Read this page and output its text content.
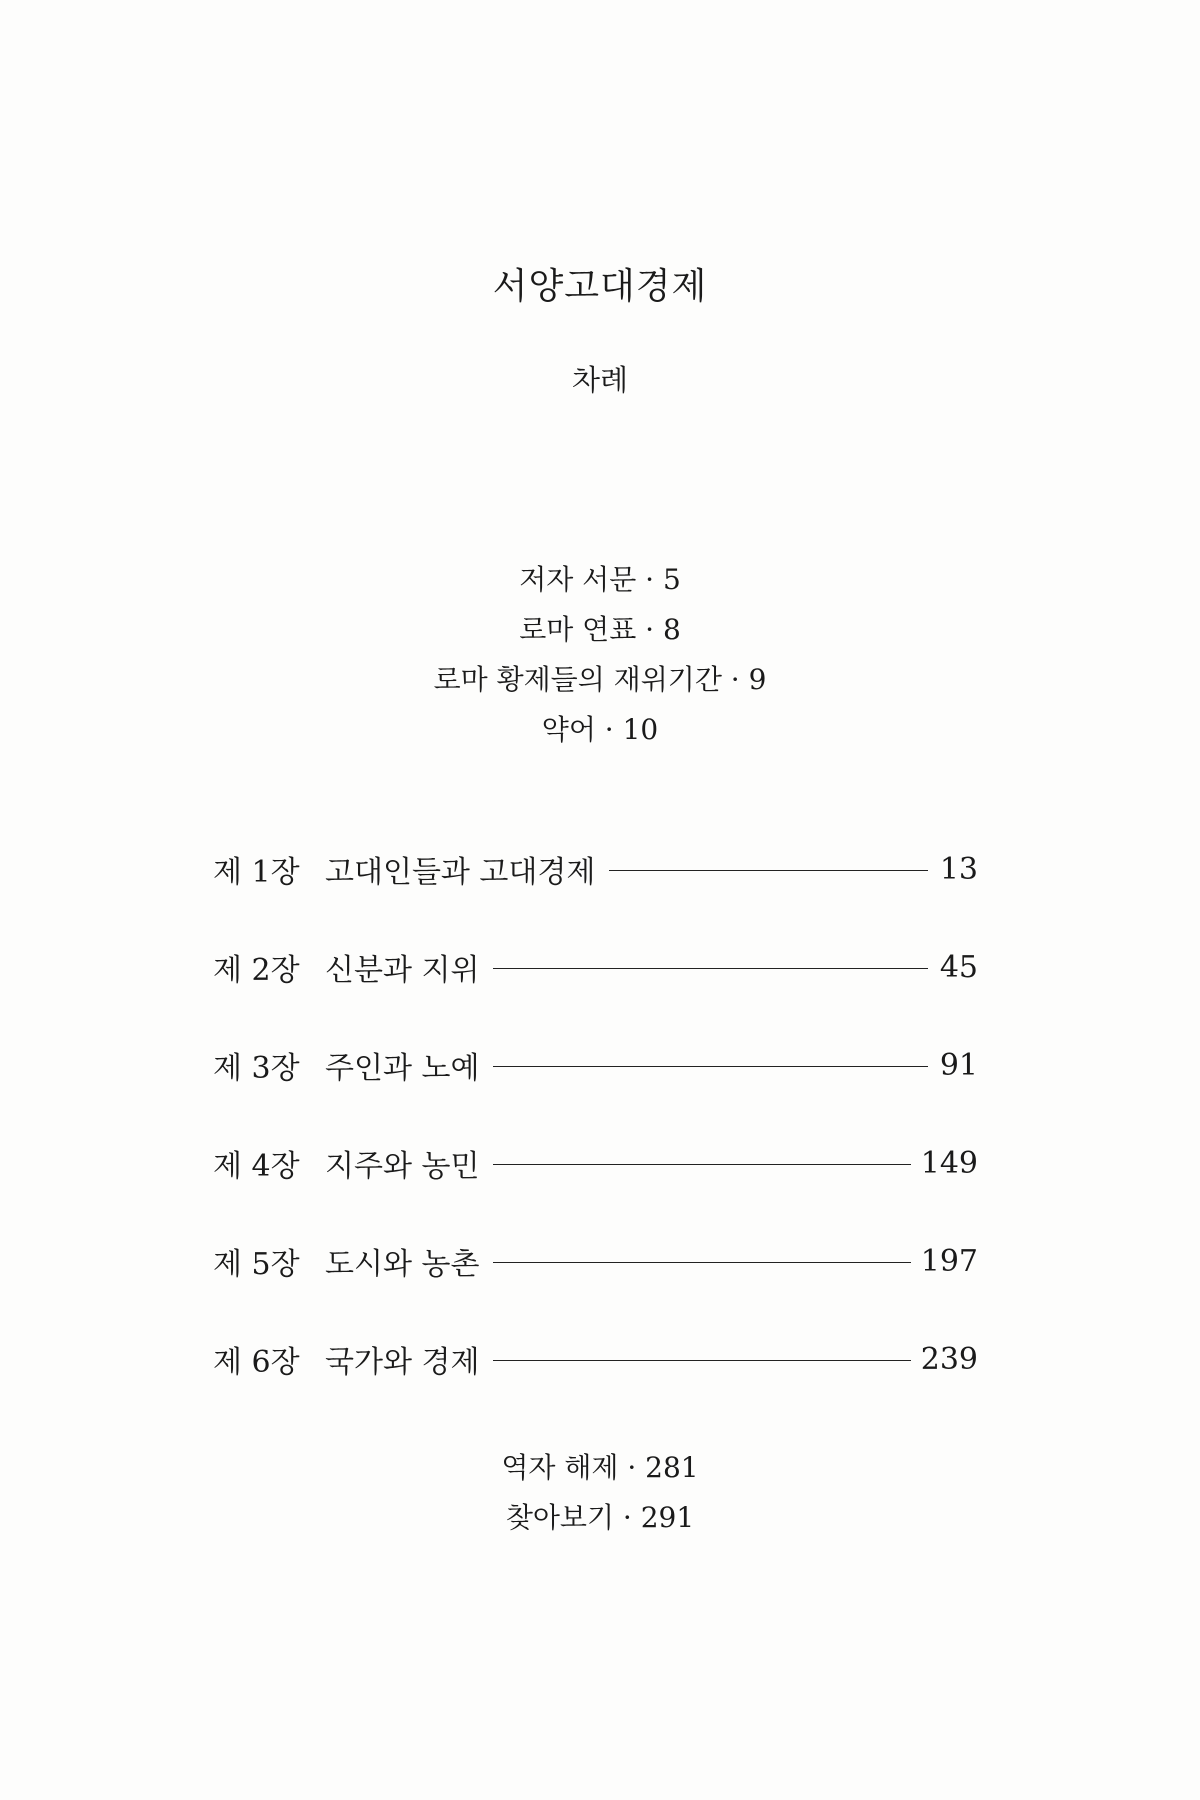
서양고대경제
차례
저자 서문 · 5
로마 연표 · 8
로마 황제들의 재위기간 · 9
약어 · 10
제 1장 고대인들과 고대경제	13
제 2장 신분과 지위	45
제 3장 주인과 노예	91
제 4장 지주와 농민	149
제 5장 도시와 농촌	197
제 6장 국가와 경제	239
역자 해제 · 281
찾아보기 · 291
